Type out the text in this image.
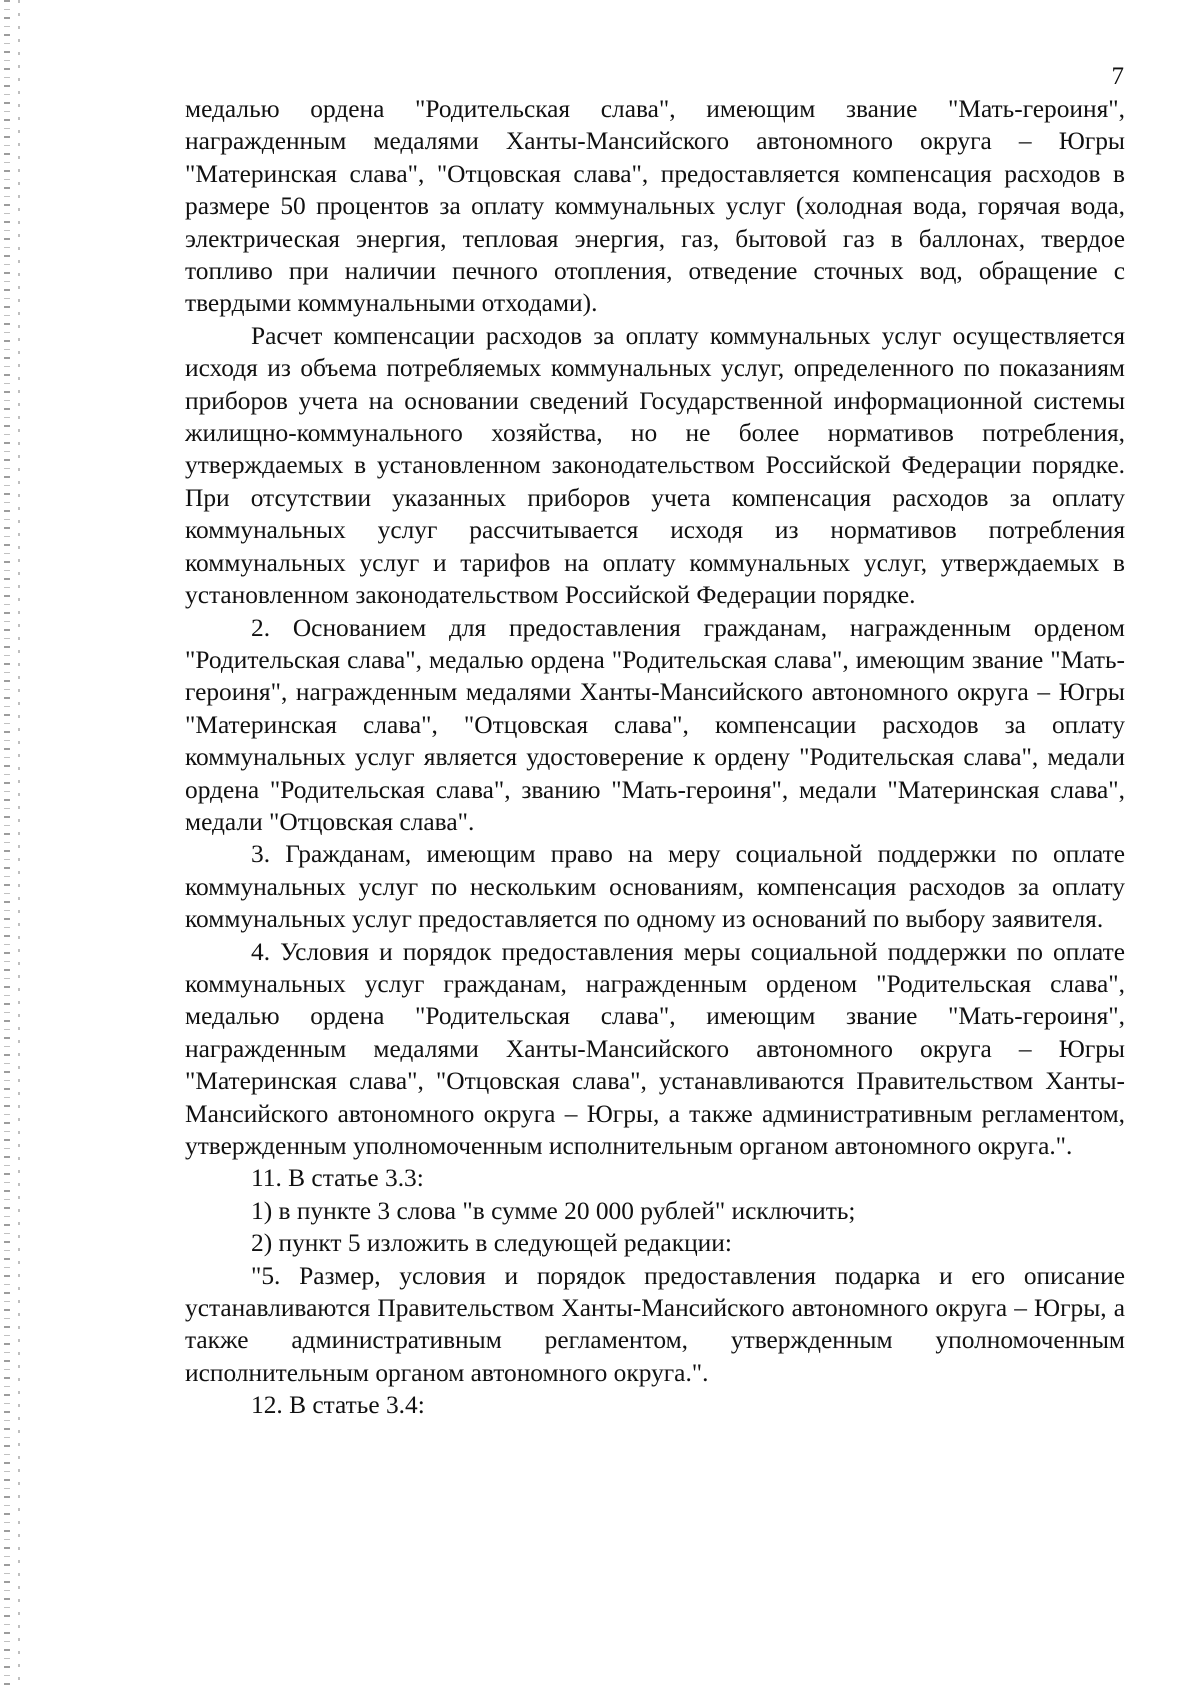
7

медалью ордена "Родительская слава", имеющим звание "Мать-героиня", награжденным медалями Ханты-Мансийского автономного округа – Югры "Материнская слава", "Отцовская слава", предоставляется компенсация расходов в размере 50 процентов за оплату коммунальных услуг (холодная вода, горячая вода, электрическая энергия, тепловая энергия, газ, бытовой газ в баллонах, твердое топливо при наличии печного отопления, отведение сточных вод, обращение с твердыми коммунальными отходами).

Расчет компенсации расходов за оплату коммунальных услуг осуществляется исходя из объема потребляемых коммунальных услуг, определенного по показаниям приборов учета на основании сведений Государственной информационной системы жилищно-коммунального хозяйства, но не более нормативов потребления, утверждаемых в установленном законодательством Российской Федерации порядке. При отсутствии указанных приборов учета компенсация расходов за оплату коммунальных услуг рассчитывается исходя из нормативов потребления коммунальных услуг и тарифов на оплату коммунальных услуг, утверждаемых в установленном законодательством Российской Федерации порядке.

2. Основанием для предоставления гражданам, награжденным орденом "Родительская слава", медалью ордена "Родительская слава", имеющим звание "Мать-героиня", награжденным медалями Ханты-Мансийского автономного округа – Югры "Материнская слава", "Отцовская слава", компенсации расходов за оплату коммунальных услуг является удостоверение к ордену "Родительская слава", медали ордена "Родительская слава", званию "Мать-героиня", медали "Материнская слава", медали "Отцовская слава".

3. Гражданам, имеющим право на меру социальной поддержки по оплате коммунальных услуг по нескольким основаниям, компенсация расходов за оплату коммунальных услуг предоставляется по одному из оснований по выбору заявителя.

4. Условия и порядок предоставления меры социальной поддержки по оплате коммунальных услуг гражданам, награжденным орденом "Родительская слава", медалью ордена "Родительская слава", имеющим звание "Мать-героиня", награжденным медалями Ханты-Мансийского автономного округа – Югры "Материнская слава", "Отцовская слава", устанавливаются Правительством Ханты-Мансийского автономного округа – Югры, а также административным регламентом, утвержденным уполномоченным исполнительным органом автономного округа.".

11. В статье 3.3:

1) в пункте 3 слова "в сумме 20 000 рублей" исключить;

2) пункт 5 изложить в следующей редакции:

"5. Размер, условия и порядок предоставления подарка и его описание устанавливаются Правительством Ханты-Мансийского автономного округа – Югры, а также административным регламентом, утвержденным уполномоченным исполнительным органом автономного округа.".

12. В статье 3.4:
